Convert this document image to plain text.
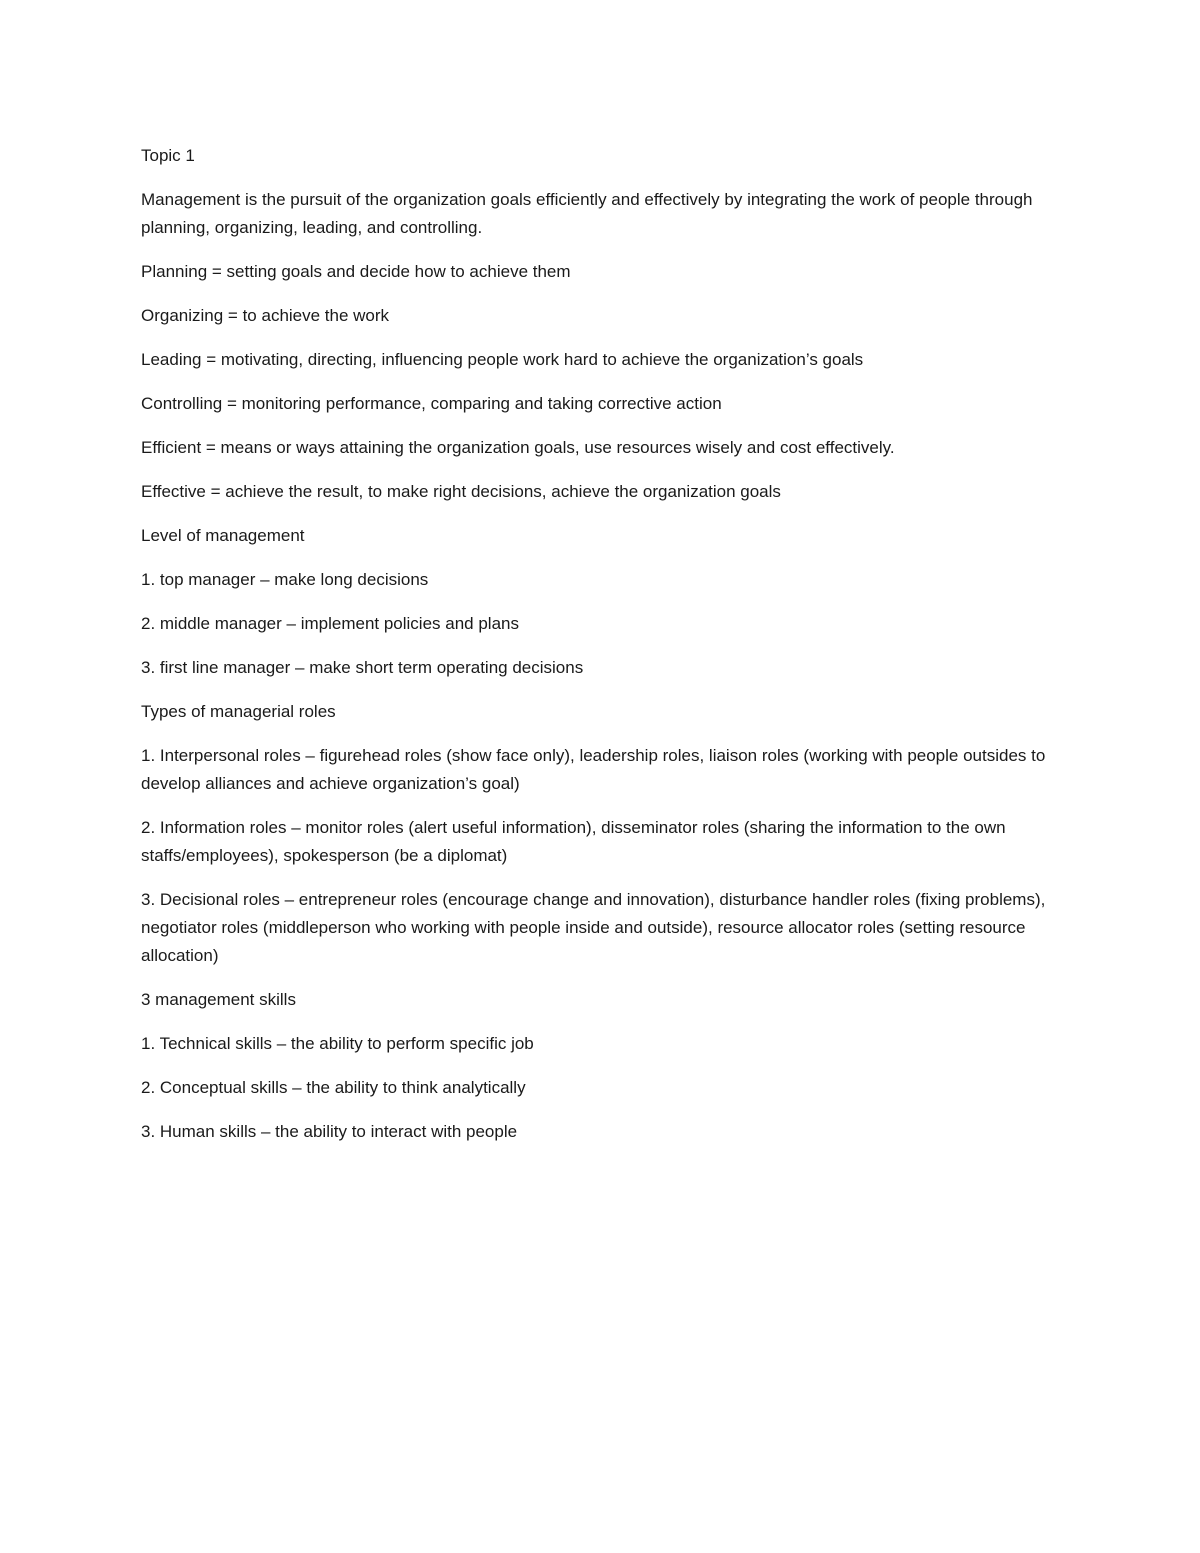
Topic 1

Management is the pursuit of the organization goals efficiently and effectively by integrating the work of people through planning, organizing, leading, and controlling.

Planning = setting goals and decide how to achieve them

Organizing = to achieve the work

Leading = motivating, directing, influencing people work hard to achieve the organization’s goals

Controlling = monitoring performance, comparing and taking corrective action

Efficient = means or ways attaining the organization goals, use resources wisely and cost effectively.

Effective = achieve the result, to make right decisions, achieve the organization goals

Level of management

1. top manager – make long decisions

2. middle manager – implement policies and plans

3. first line manager – make short term operating decisions

Types of managerial roles

1. Interpersonal roles – figurehead roles (show face only), leadership roles, liaison roles (working with people outsides to develop alliances and achieve organization’s goal)

2. Information roles – monitor roles (alert useful information), disseminator roles (sharing the information to the own staffs/employees), spokesperson (be a diplomat)

3. Decisional roles – entrepreneur roles (encourage change and innovation), disturbance handler roles (fixing problems), negotiator roles (middleperson who working with people inside and outside), resource allocator roles (setting resource allocation)

3 management skills

1. Technical skills – the ability to perform specific job

2. Conceptual skills – the ability to think analytically

3. Human skills – the ability to interact with people
